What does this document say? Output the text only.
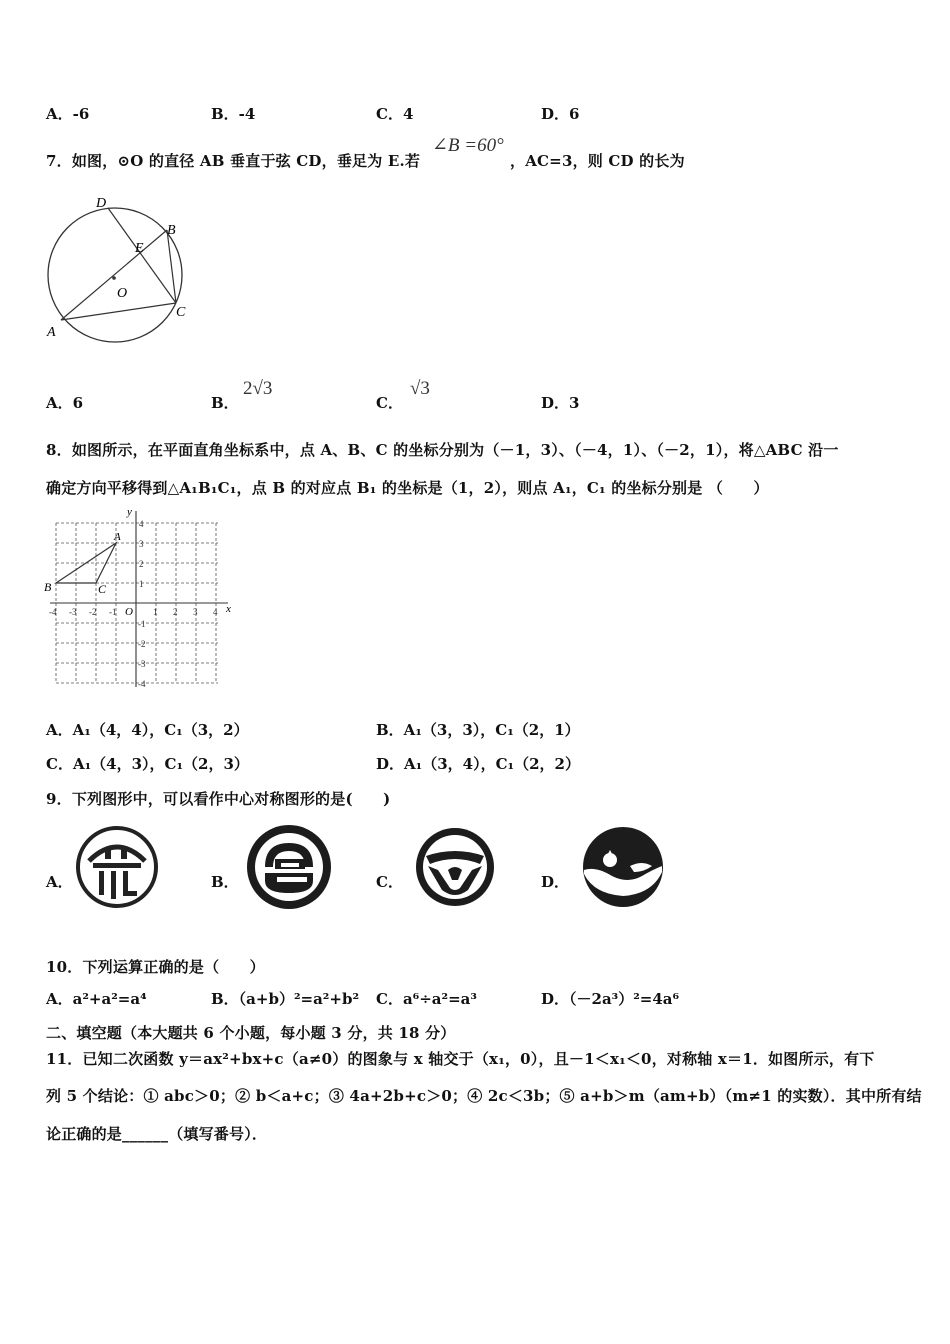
A．-6	B．-4	C．4	D．6
7．如图，⊙O 的直径 AB 垂直于弦 CD，垂足为 E.若
∠B =60°
，AC=3，则 CD 的长为
D
B
E
O
C
A
A．6	B．
2√3
C．
√3
D．3
8．如图所示，在平面直角坐标系中，点 A、B、C 的坐标分别为（－1，3）、（－4，1）、（－2，1），将△ABC 沿一
确定方向平移得到△A₁B₁C₁，点 B 的对应点 B₁ 的坐标是（1，2），则点 A₁，C₁ 的坐标分别是 （　　）
y
x
A
B	C
O
-4 -3 -2 -1	1 2 3 4
4
3
2
1
-1
-2
-3
-4
A．A₁（4，4），C₁（3，2）	B．A₁（3，3），C₁（2，1）
C．A₁（4，3），C₁（2，3）	D．A₁（3，4），C₁（2，2）
9．下列图形中，可以看作中心对称图形的是(　　)
A．	B．	C．	D．
10．下列运算正确的是（　　）
A．a²+a²=a⁴	B．（a+b）²=a²+b² C．a⁶÷a²=a³	D．（－2a³）²=4a⁶
二、填空题（本大题共 6 个小题，每小题 3 分，共 18 分）
11．已知二次函数 y＝ax²+bx+c（a≠0）的图象与 x 轴交于（x₁，0），且－1＜x₁＜0，对称轴 x＝1．如图所示，有下
列 5 个结论：① abc＞0；② b＜a+c；③ 4a+2b+c＞0；④ 2c＜3b；⑤ a+b＞m（am+b）（m≠1 的实数）．其中所有结
论正确的是______（填写番号）．
